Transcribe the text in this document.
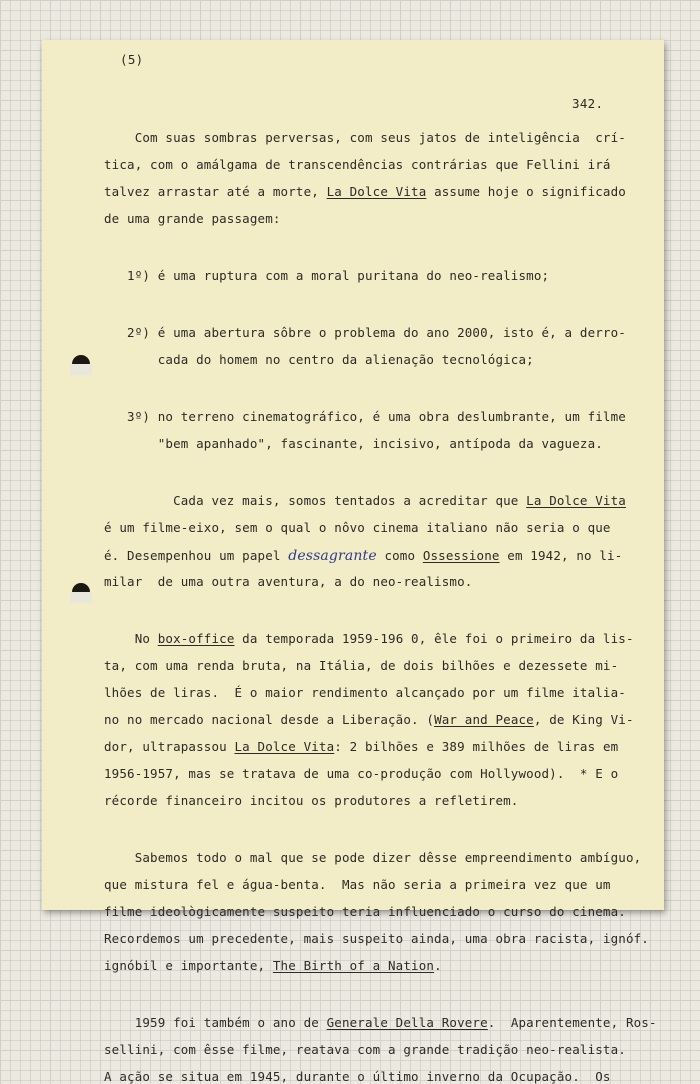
(5)
342.
Com suas sombras perversas, com seus jatos de inteligência  crí-
tica, com o amálgama de transcendências contrárias que Fellini irá
talvez arrastar até a morte, La Dolce Vita assume hoje o significado
de uma grande passagem:
1º) é uma ruptura com a moral puritana do neo-realismo;
2º) é uma abertura sôbre o problema do ano 2000, isto é, a derro-
cada do homem no centro da alienação tecnológica;
3º) no terreno cinematográfico, é uma obra deslumbrante, um filme
"bem apanhado", fascinante, incisivo, antípoda da vagueza.
Cada vez mais, somos tentados a acreditar que La Dolce Vita
é um filme-eixo, sem o qual o nôvo cinema italiano não seria o que
é. Desempenhou um papel dessagrante como Ossessione em 1942, no li-
milar  de uma outra aventura, a do neo-realismo.
No box-office da temporada 1959-196 0, êle foi o primeiro da lis-
ta, com uma renda bruta, na Itália, de dois bilhões e dezessete mi-
lhões de liras.  É o maior rendimento alcançado por um filme italia-
no no mercado nacional desde a Liberação. (War and Peace, de King Vi-
dor, ultrapassou La Dolce Vita: 2 bilhões e 389 milhões de liras em
1956-1957, mas se tratava de uma co-produção com Hollywood).  * E o
récorde financeiro incitou os produtores a refletirem.
Sabemos todo o mal que se pode dizer dêsse empreendimento ambíguo,
que mistura fel e água-benta.  Mas não seria a primeira vez que um
filme ideològicamente suspeito teria influenciado o curso do cinema.
Recordemos um precedente, mais suspeito ainda, uma obra racista, ignóf.
ignóbil e importante, The Birth of a Nation.
1959 foi também o ano de Generale Della Rovere.  Aparentemente, Ros-
sellini, com êsse filme, reatava com a grande tradição neo-realista.
A ação se situa em 1945, durante o último inverno da Ocupação.  Os
